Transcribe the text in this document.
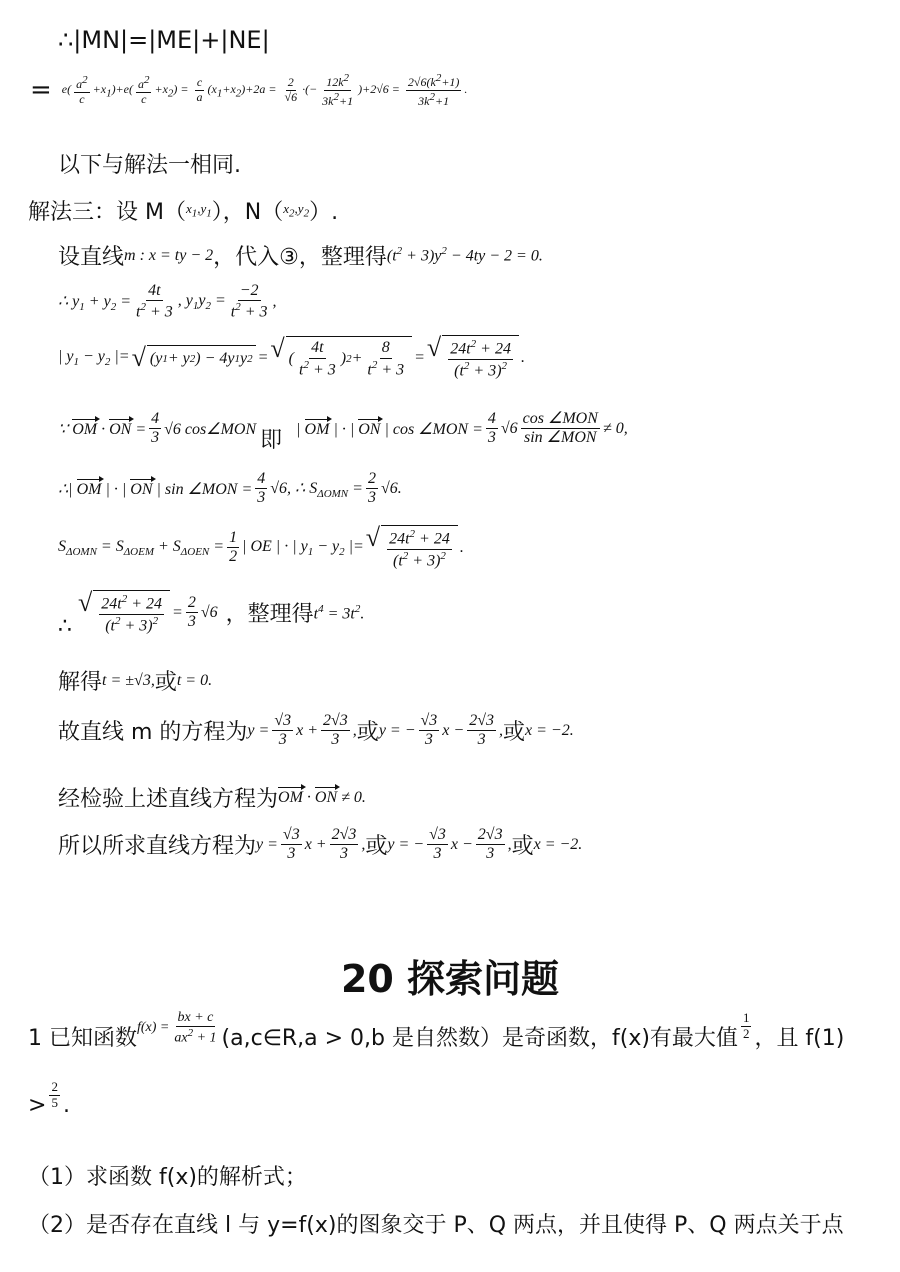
∴|MN|=|ME|+|NE|
= $e( \frac{a2}{c} +x1)+e( \frac{a2}{c} +x2) = \frac{c}{a} (x1+x2)+2a = \frac{2}{√6}$ ·(− $\frac{12k2}{3k2+1} )+2√6 = \frac{2√6(k2+1)}{3k2+1}$ .
以下与解法一相同.
解法三：设 M（ $x_1,y_1$ ），N（ $x_2,y_2$ ）.
设直线 m : x = ty − 2 ，代入③，整理得 $(t^2 + 3)y^2 - 4ty - 2 = 0$.
∴ $y_1 + y_2 = \frac{4t}{t^2 + 3}$ , $y_1y_2 = \frac{-2}{t^2 + 3}$ ,
| $y_1 - y_2$ |= √ (y 1 + y 2 ) − 4y 1 y 2 = √ ( $\frac{4t}{t^2 + 3}$ ) $2 + \frac{8}{t^2 + 3}$ = √ $\frac{24t^2 + 24}{(t^2 + 3)^2}$ .
∵ OM · ON = $\frac{4}{3} √6$ cos∠MON 即 | OM | · | ON | cos ∠MON = $\frac{4}{3} √6 \frac{\text{cos ∠MON}}{\text{sin ∠MON}} \ne 0$,
∴| OM | · | ON | sin ∠MON = $\frac{4}{3} √6$, ∴ $S_{\Delta OMN} = \frac{2}{3} √6$.
$S_{\Delta OMN} = S_{\Delta OEM} + S_{\Delta OEN} = \frac{1}{2}$ | OE | · | $y_1 - y_2$ |= √ $\frac{24t^2 + 24}{(t^2 + 3)^2}$ .
∴
√ $\frac{24t^2 + 24}{(t^2 + 3)^2} = \frac{2}{3} √6$ ，整理得 $t^4 = 3t^2$.
解得 t = ±√3, 或 t = 0.
故直线 m 的方程为 $y = \frac{√3}{3}$ $x + \frac{2√3}{3}$ , 或 y = − $\frac{√3}{3}$ $x - \frac{2√3}{3}$ , 或 x = −2.
经检验上述直线方程为 OM · ON ≠ 0.
所以所求直线方程为 $y = \frac{√3}{3}$ $x + \frac{2√3}{3}$ , 或 y = − $\frac{√3}{3}$ $x - \frac{2√3}{3}$ , 或 x = −2.
20 探索问题
1 已知函数 $f(x) = \frac{bx + c}{ax^2 + 1}$ (a,c∈R,a > 0,b 是自然数）是奇函数，f(x)有最大值 $\frac{1}{2}$ ，且 f(1)
> $\frac{2}{5}$ .
（1）求函数 f(x)的解析式；
（2）是否存在直线 l 与 y=f(x)的图象交于 P、Q 两点，并且使得 P、Q 两点关于点
